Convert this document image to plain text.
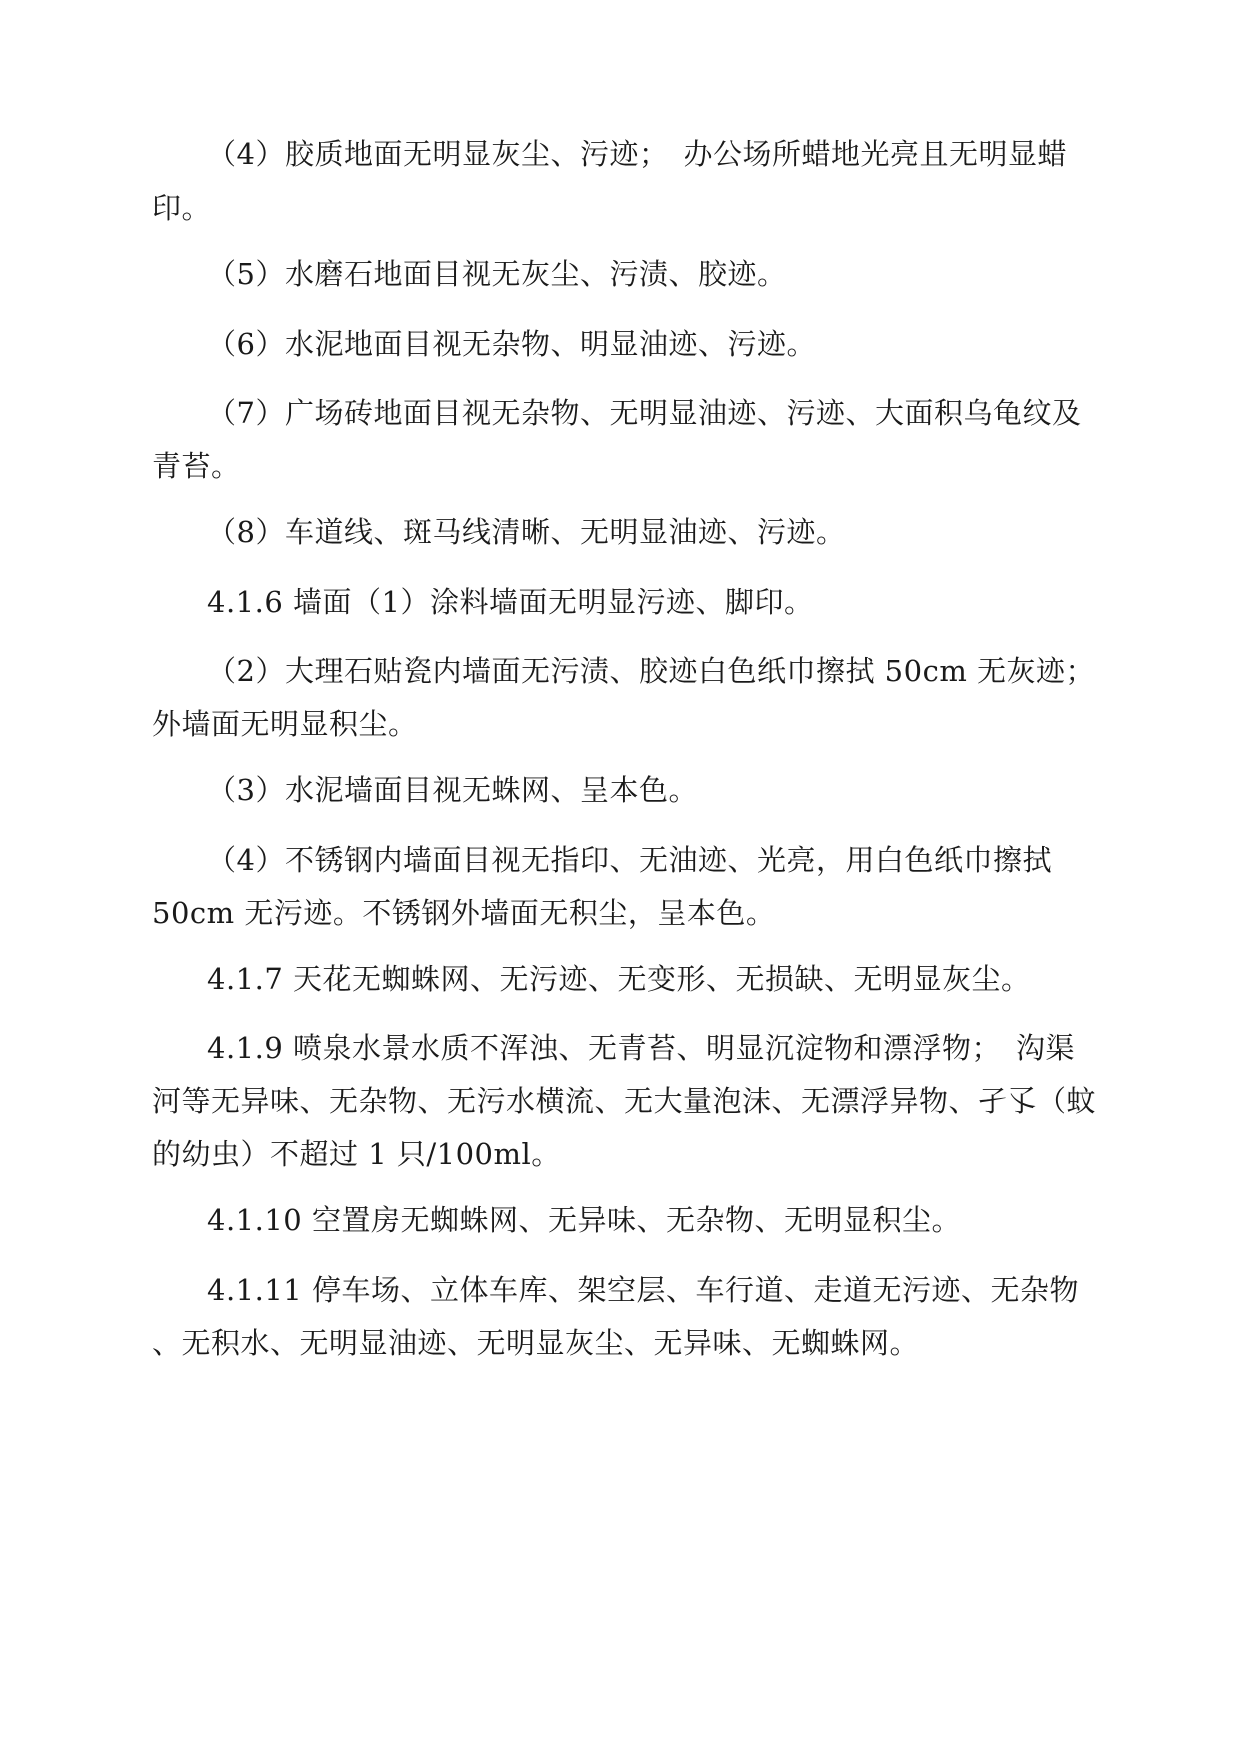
（4）胶质地面无明显灰尘、污迹；　办公场所蜡地光亮且无明显蜡
印。
（5）水磨石地面目视无灰尘、污渍、胶迹。
（6）水泥地面目视无杂物、明显油迹、污迹。
（7）广场砖地面目视无杂物、无明显油迹、污迹、大面积乌龟纹及
青苔。
（8）车道线、斑马线清晰、无明显油迹、污迹。
4.1.6 墙面（1）涂料墙面无明显污迹、脚印。
（2）大理石贴瓷内墙面无污渍、胶迹白色纸巾擦拭 50cm 无灰迹；
外墙面无明显积尘。
（3）水泥墙面目视无蛛网、呈本色。
（4）不锈钢内墙面目视无指印、无油迹、光亮，用白色纸巾擦拭
50cm 无污迹。不锈钢外墙面无积尘，呈本色。
4.1.7 天花无蜘蛛网、无污迹、无变形、无损缺、无明显灰尘。
4.1.9 喷泉水景水质不浑浊、无青苔、明显沉淀物和漂浮物；　沟渠
河等无异味、无杂物、无污水横流、无大量泡沫、无漂浮异物、孑孓（蚊
的幼虫）不超过 1 只/100ml。
4.1.10 空置房无蜘蛛网、无异味、无杂物、无明显积尘。
4.1.11 停车场、立体车库、架空层、车行道、走道无污迹、无杂物
、无积水、无明显油迹、无明显灰尘、无异味、无蜘蛛网。
